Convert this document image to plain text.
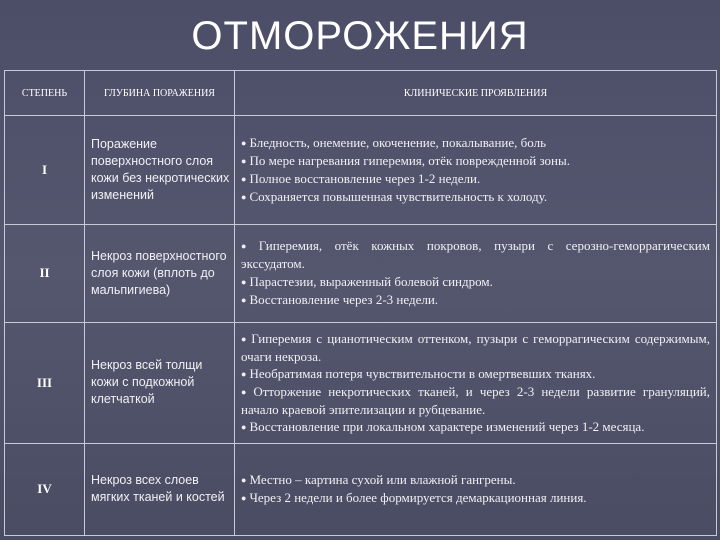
ОТМОРОЖЕНИЯ
СТЕПЕНЬ	ГЛУБИНА ПОРАЖЕНИЯ	КЛИНИЧЕСКИЕ ПРОЯВЛЕНИЯ
I	Поражение поверхностного слоя кожи без некротических изменений	● Бледность, онемение, окоченение, покалывание, боль

● По мере нагревания гиперемия, отёк поврежденной зоны.

● Полное восстановление через 1-2 недели.

● Сохраняется повышенная чувствительность к холоду.

II	Некроз поверхностного слоя кожи (вплоть до мальпигиева)	● Гиперемия, отёк кожных покровов, пузыри с серозно-геморрагическим экссудатом.

● Парастезии, выраженный болевой синдром.

● Восстановление через 2-3 недели.

III	Некроз всей толщи кожи с подкожной клетчаткой	● Гиперемия с цианотическим оттенком, пузыри с геморрагическим содержимым, очаги некроза.

● Необратимая потеря чувствительности в омертвевших тканях.

● Отторжение некротических тканей, и через 2-3 недели развитие грануляций, начало краевой эпителизации и рубцевание.

● Восстановление при локальном характере изменений через 1-2 месяца.

IV	Некроз всех слоев мягких тканей и костей	● Местно – картина сухой или влажной гангрены.

● Через 2 недели и более формируется демаркационная линия.
